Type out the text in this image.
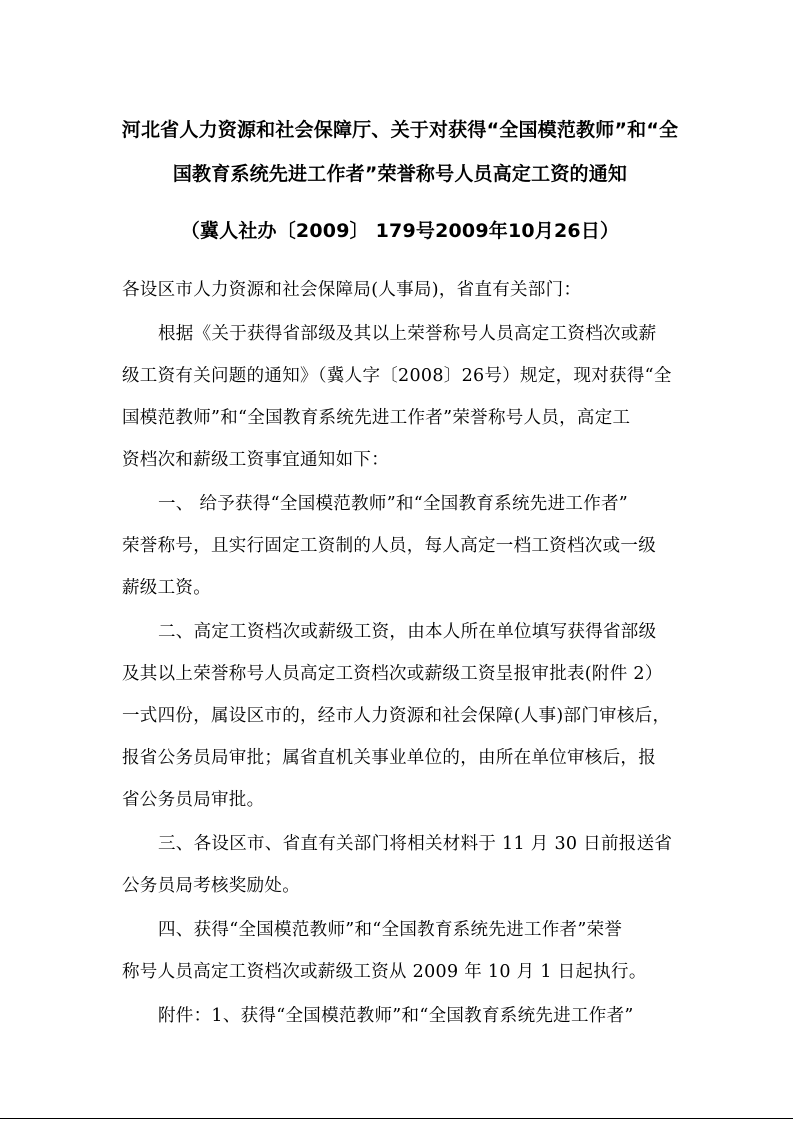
河北省人力资源和社会保障厅、关于对获得“全国模范教师”和“全
国教育系统先进工作者”荣誉称号人员高定工资的通知
（冀人社办〔2009〕 179号2009年10月26日）
各设区市人力资源和社会保障局(人事局)，省直有关部门：
根据《关于获得省部级及其以上荣誉称号人员高定工资档次或薪
级工资有关问题的通知》（冀人字〔2008〕26号）规定，现对获得“全
国模范教师”和“全国教育系统先进工作者”荣誉称号人员，高定工
资档次和薪级工资事宜通知如下：
一、 给予获得“全国模范教师”和“全国教育系统先进工作者”
荣誉称号，且实行固定工资制的人员，每人高定一档工资档次或一级
薪级工资。
二、高定工资档次或薪级工资，由本人所在单位填写获得省部级
及其以上荣誉称号人员高定工资档次或薪级工资呈报审批表(附件 2）
一式四份，属设区市的，经市人力资源和社会保障(人事)部门审核后，
报省公务员局审批；属省直机关事业单位的，由所在单位审核后，报
省公务员局审批。
三、各设区市、省直有关部门将相关材料于 11 月 30 日前报送省
公务员局考核奖励处。
四、获得“全国模范教师”和“全国教育系统先进工作者”荣誉
称号人员高定工资档次或薪级工资从 2009 年 10 月 1 日起执行。
附件：1、获得“全国模范教师”和“全国教育系统先进工作者”
